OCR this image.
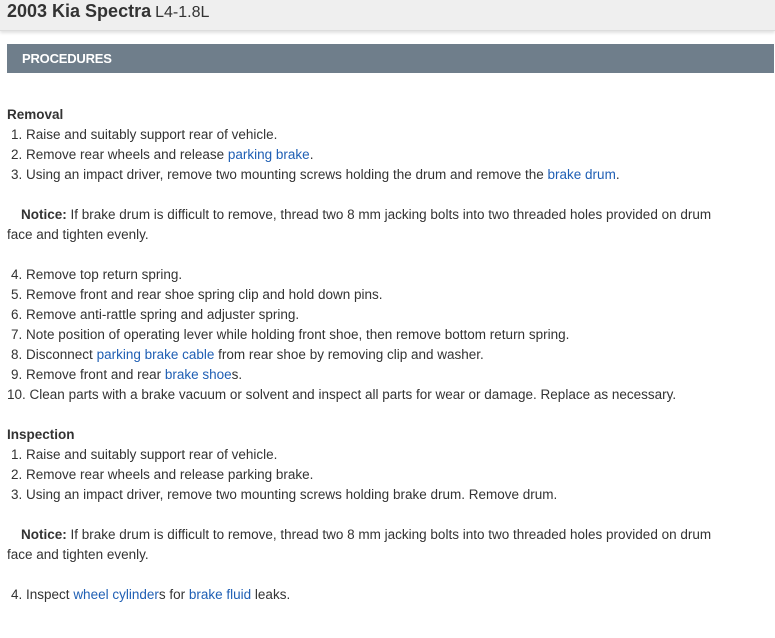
2003 Kia Spectra L4-1.8L
PROCEDURES
Removal
1. Raise and suitably support rear of vehicle.
2. Remove rear wheels and release parking brake.
3. Using an impact driver, remove two mounting screws holding the drum and remove the brake drum.
Notice: If brake drum is difficult to remove, thread two 8 mm jacking bolts into two threaded holes provided on drum
face and tighten evenly.
4. Remove top return spring.
5. Remove front and rear shoe spring clip and hold down pins.
6. Remove anti-rattle spring and adjuster spring.
7. Note position of operating lever while holding front shoe, then remove bottom return spring.
8. Disconnect parking brake cable from rear shoe by removing clip and washer.
9. Remove front and rear brake shoes.
10. Clean parts with a brake vacuum or solvent and inspect all parts for wear or damage. Replace as necessary.
Inspection
1. Raise and suitably support rear of vehicle.
2. Remove rear wheels and release parking brake.
3. Using an impact driver, remove two mounting screws holding brake drum. Remove drum.
Notice: If brake drum is difficult to remove, thread two 8 mm jacking bolts into two threaded holes provided on drum
face and tighten evenly.
4. Inspect wheel cylinders for brake fluid leaks.
